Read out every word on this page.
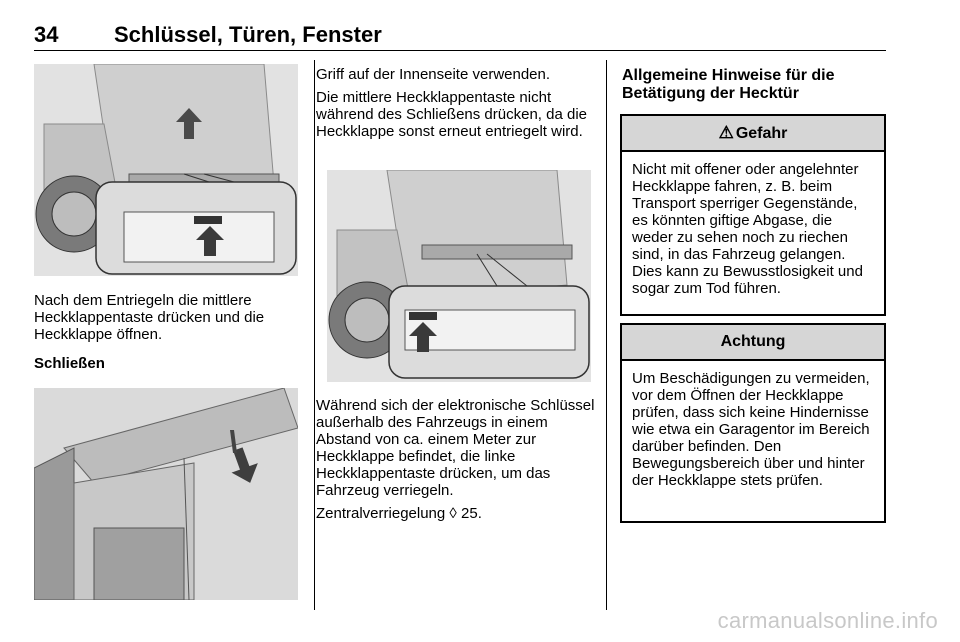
34	Schlüssel, Türen, Fenster

Nach dem Entriegeln die mittlere Heckklappentaste drücken und die Heckklappe öffnen.

Schließen

Griff auf der Innenseite verwenden.

Die mittlere Heckklappentaste nicht während des Schließens drücken, da die Heckklappe sonst erneut entriegelt wird.

Während sich der elektronische Schlüssel außerhalb des Fahrzeugs in einem Abstand von ca. einem Meter zur Heckklappe befindet, die linke Heckklappentaste drücken, um das Fahrzeug verriegeln.

Zentralverriegelung ◊ 25.

Allgemeine Hinweise für die Betätigung der Hecktür
⚠ Gefahr
Nicht mit offener oder angelehnter Heckklappe fahren, z. B. beim Transport sperriger Gegenstände, es könnten giftige Abgase, die weder zu sehen noch zu riechen sind, in das Fahrzeug gelangen. Dies kann zu Bewusstlosigkeit und sogar zum Tod führen.
Achtung
Um Beschädigungen zu vermeiden, vor dem Öffnen der Heckklappe prüfen, dass sich keine Hindernisse wie etwa ein Garagentor im Bereich darüber befinden. Den Bewegungsbereich über und hinter der Heckklappe stets prüfen.
carmanualsonline.info
